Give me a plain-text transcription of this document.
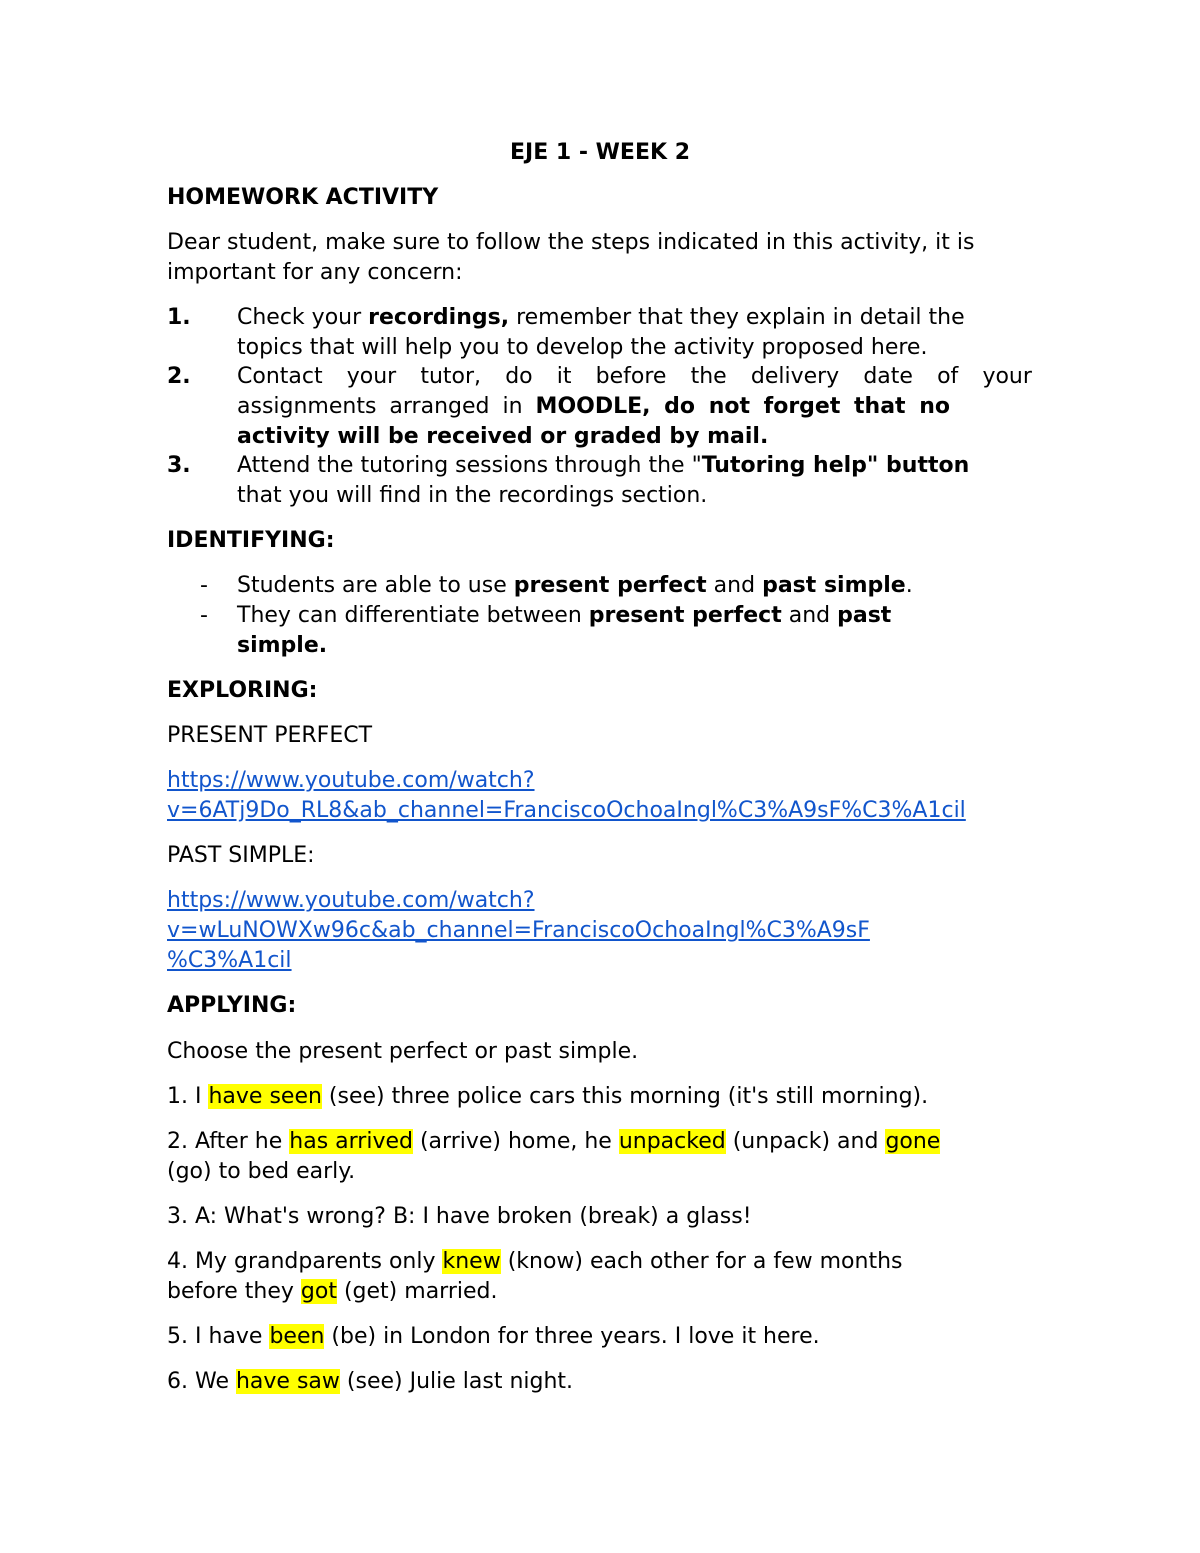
EJE 1 - WEEK 2
HOMEWORK ACTIVITY
Dear student, make sure to follow the steps indicated in this activity, it is
important for any concern:
1. Check your recordings, remember that they explain in detail the
topics that will help you to develop the activity proposed here.
2. Contact your tutor, do it before the delivery date of your
assignments arranged in MOODLE, do not forget that no
activity will be received or graded by mail.
3. Attend the tutoring sessions through the "Tutoring help" button
that you will find in the recordings section.
IDENTIFYING:
- Students are able to use present perfect and past simple.
- They can differentiate between present perfect and past
simple.
EXPLORING:
PRESENT PERFECT
https://www.youtube.com/watch?
v=6ATj9Do_RL8&ab_channel=FranciscoOchoaIngl%C3%A9sF%C3%A1cil
PAST SIMPLE:
https://www.youtube.com/watch?
v=wLuNOWXw96c&ab_channel=FranciscoOchoaIngl%C3%A9sF
%C3%A1cil
APPLYING:
Choose the present perfect or past simple.
1. I have seen (see) three police cars this morning (it's still morning).
2. After he has arrived (arrive) home, he unpacked (unpack) and gone
(go) to bed early.
3. A: What's wrong? B: I have broken (break) a glass!
4. My grandparents only knew (know) each other for a few months
before they got (get) married.
5. I have been (be) in London for three years. I love it here.
6. We have saw (see) Julie last night.
